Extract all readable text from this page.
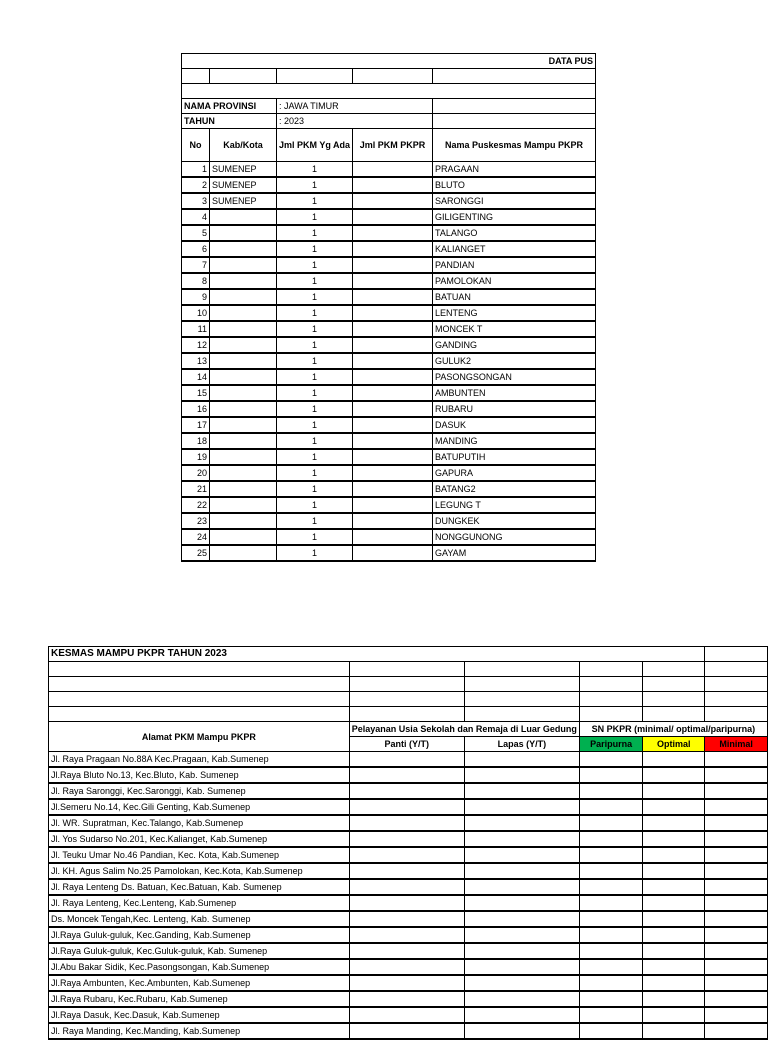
DATA PUS				

NAMA PROVINSI		: JAWA TIMUR		
TAHUN		: 2023		
No	Kab/Kota	Jml PKM Yg Ada	Jml PKM PKPR	Nama Puskesmas Mampu PKPR
1	SUMENEP	1		PRAGAAN
2	SUMENEP	1		BLUTO
3	SUMENEP	1		SARONGGI
4		1		GILIGENTING
5		1		TALANGO
6		1		KALIANGET
7		1		PANDIAN
8		1		PAMOLOKAN
9		1		BATUAN
10		1		LENTENG
11		1		MONCEK T
12		1		GANDING
13		1		GULUK2
14		1		PASONGSONGAN
15		1		AMBUNTEN
16		1		RUBARU
17		1		DASUK
18		1		MANDING
19		1		BATUPUTIH
20		1		GAPURA
21		1		BATANG2
22		1		LEGUNG T
23		1		DUNGKEK
24		1		NONGGUNONG
25		1		GAYAM
KESMAS MAMPU PKPR TAHUN 2023					

Alamat PKM Mampu PKPR	Pelayanan Usia Sekolah dan Remaja di Luar Gedung		SN PKPR (minimal/ optimal/paripurna)		
	Panti (Y/T)	Lapas (Y/T)	Paripurna	Optimal	Minimal
Jl. Raya Pragaan No.88A Kec.Pragaan, Kab.Sumenep					
Jl.Raya Bluto No.13, Kec.Bluto, Kab. Sumenep					
Jl. Raya Saronggi, Kec.Saronggi, Kab. Sumenep					
Jl.Semeru No.14, Kec.Gili Genting, Kab.Sumenep					
Jl. WR. Supratman, Kec.Talango, Kab.Sumenep					
Jl. Yos Sudarso No.201, Kec.Kalianget, Kab.Sumenep					
Jl. Teuku Umar No.46 Pandian, Kec. Kota, Kab.Sumenep					
Jl. KH. Agus Salim No.25 Pamolokan, Kec.Kota, Kab.Sumenep					
Jl. Raya Lenteng Ds. Batuan, Kec.Batuan, Kab. Sumenep					
Jl. Raya Lenteng, Kec.Lenteng, Kab.Sumenep					
Ds. Moncek Tengah,Kec. Lenteng, Kab. Sumenep					
Jl.Raya Guluk-guluk, Kec.Ganding, Kab.Sumenep					
Jl.Raya Guluk-guluk, Kec.Guluk-guluk, Kab. Sumenep					
Jl.Abu Bakar Sidik, Kec.Pasongsongan, Kab.Sumenep					
Jl.Raya Ambunten, Kec.Ambunten, Kab.Sumenep					
Jl.Raya Rubaru, Kec.Rubaru, Kab.Sumenep					
Jl.Raya Dasuk, Kec.Dasuk, Kab.Sumenep					
Jl. Raya Manding, Kec.Manding, Kab.Sumenep					
